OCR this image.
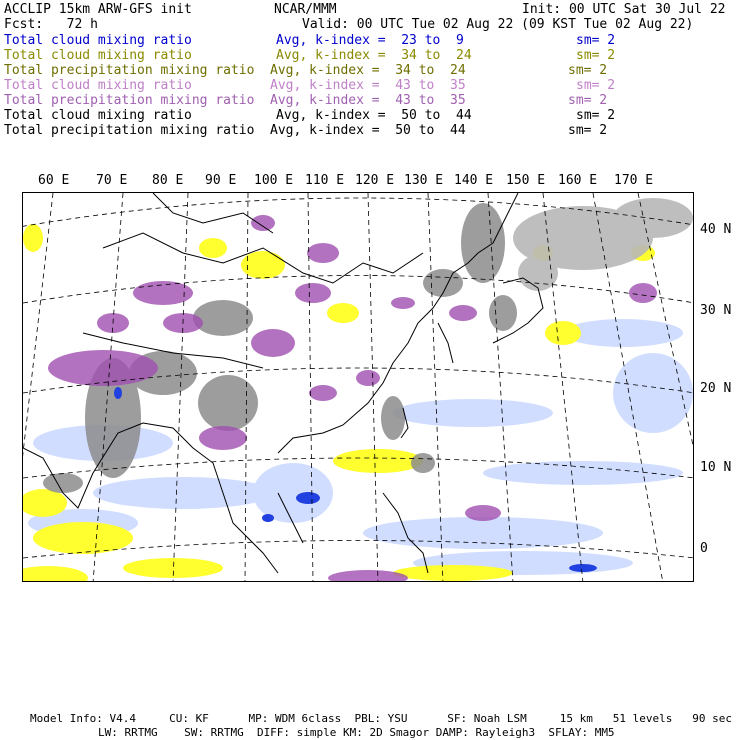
ACCLIP 15km ARW-GFS init	NCAR/MMM	Init: 00 UTC Sat 30 Jul 22
Fcst:   72 h	Valid: 00 UTC Tue 02 Aug 22 (09 KST Tue 02 Aug 22)
Total cloud mixing ratio	Avg, k-index =  23 to  9	sm= 2
Total cloud mixing ratio	Avg, k-index =  34 to  24	sm= 2
Total precipitation mixing ratio Avg, k-index =  34 to  24	sm= 2
Total cloud mixing ratio	Avg, k-index =  43 to  35	sm= 2
Total precipitation mixing ratio Avg, k-index =  43 to  35	sm= 2
Total cloud mixing ratio	Avg, k-index =  50 to  44	sm= 2
Total precipitation mixing ratio Avg, k-index =  50 to  44	sm= 2
60 E 70 E 80 E 90 E 100 E 110 E 120 E 130 E 140 E 150 E 160 E 170 E
40 N
30 N
20 N
10 N
0
Model Info: V4.4     CU: KF      MP: WDM 6class  PBL: YSU      SF: Noah LSM     15 km   51 levels   90 sec
LW: RRTMG    SW: RRTMG  DIFF: simple KM: 2D Smagor DAMP: Rayleigh3  SFLAY: MM5
